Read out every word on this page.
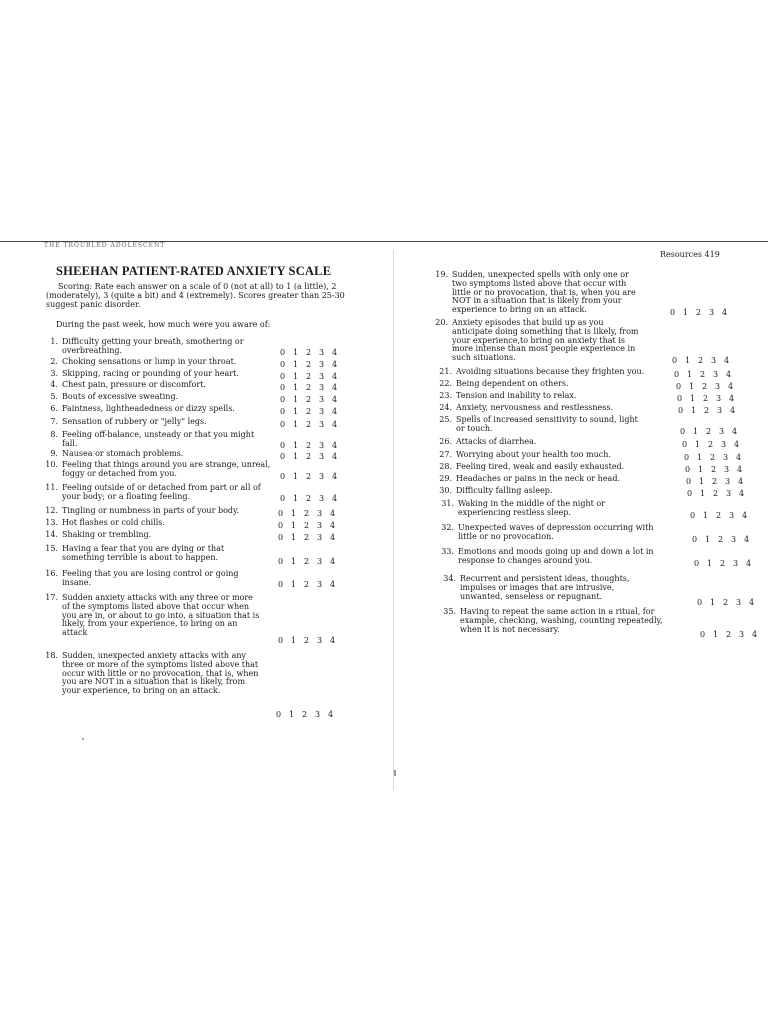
THE TROUBLED ADOLESCENT
Resources 419
SHEEHAN PATIENT-RATED ANXIETY SCALE
Scoring: Rate each answer on a scale of 0 (not at all) to 1 (a little), 2 (moderately), 3 (quite a bit) and 4 (extremely). Scores greater than 25-30 suggest panic disorder.
During the past week, how much were you aware of:
1. Difficulty getting your breath, smothering or overbreathing.	0 1 2 3 4
2. Choking sensations or lump in your throat.	0 1 2 3 4
3. Skipping, racing or pounding of your heart.	0 1 2 3 4
4. Chest pain, pressure or discomfort.	0 1 2 3 4
5. Bouts of excessive sweating.	0 1 2 3 4
6. Faintness, lightheadedness or dizzy spells.	0 1 2 3 4
7. Sensation of rubbery or "jelly" legs.	0 1 2 3 4
8. Feeling off-balance, unsteady or that you might fall.	0 1 2 3 4
9. Nausea or stomach problems.	0 1 2 3 4
10. Feeling that things around you are strange, unreal, foggy or detached from you.	0 1 2 3 4
11. Feeling outside of or detached from part or all of your body; or a floating feeling.	0 1 2 3 4
12. Tingling or numbness in parts of your body.	0 1 2 3 4
13. Hot flashes or cold chills.	0 1 2 3 4
14. Shaking or trembling.	0 1 2 3 4
15. Having a fear that you are dying or that something terrible is about to happen.	0 1 2 3 4
16. Feeling that you are losing control or going insane.	0 1 2 3 4
17. Sudden anxiety attacks with any three or more of the symptoms listed above that occur when you are in, or about to go into, a situation that is likely, from your experience, to bring on an attack
0 1 2 3 4
18. Sudden, unexpected anxiety attacks with any three or more of the symptoms listed above that occur with little or no provocation, that is, when you are NOT in a situation that is likely, from your experience, to bring on an attack.
0 1 2 3 4
19. Sudden, unexpected spells with only one or two symptoms listed above that occur with little or no provocation, that is, when you are NOT in a situation that is likely from your experience to bring on an attack.	0 1 2 3 4
20. Anxiety episodes that build up as you anticipate doing something that is likely, from your experience,to bring on anxiety that is more intense than most people experience in such situations.	0 1 2 3 4
21. Avoiding situations because they frighten you.	0 1 2 3 4
22. Being dependent on others.	0 1 2 3 4
23. Tension and inability to relax.	0 1 2 3 4
24. Anxiety, nervousness and restlessness.	0 1 2 3 4
25. Spells of increased sensitivity to sound, light or touch.	0 1 2 3 4
26. Attacks of diarrhea.	0 1 2 3 4
27. Worrying about your health too much.	0 1 2 3 4
28. Feeling tired, weak and easily exhausted.	0 1 2 3 4
29. Headaches or pains in the neck or head.	0 1 2 3 4
30. Difficulty falling asleep.	0 1 2 3 4
31. Waking in the middle of the night or experiencing restless sleep.	0 1 2 3 4
32. Unexpected waves of depression occurring with little or no provocation.	0 1 2 3 4
33. Emotions and moods going up and down a lot in response to changes around you.	0 1 2 3 4
34. Recurrent and persistent ideas, thoughts, impulses or images that are intrusive, unwanted, senseless or repugnant.
0 1 2 3 4
35. Having to repeat the same action in a ritual, for example, checking, washing, counting repeatedly, when it is not necessary.
0 1 2 3 4
